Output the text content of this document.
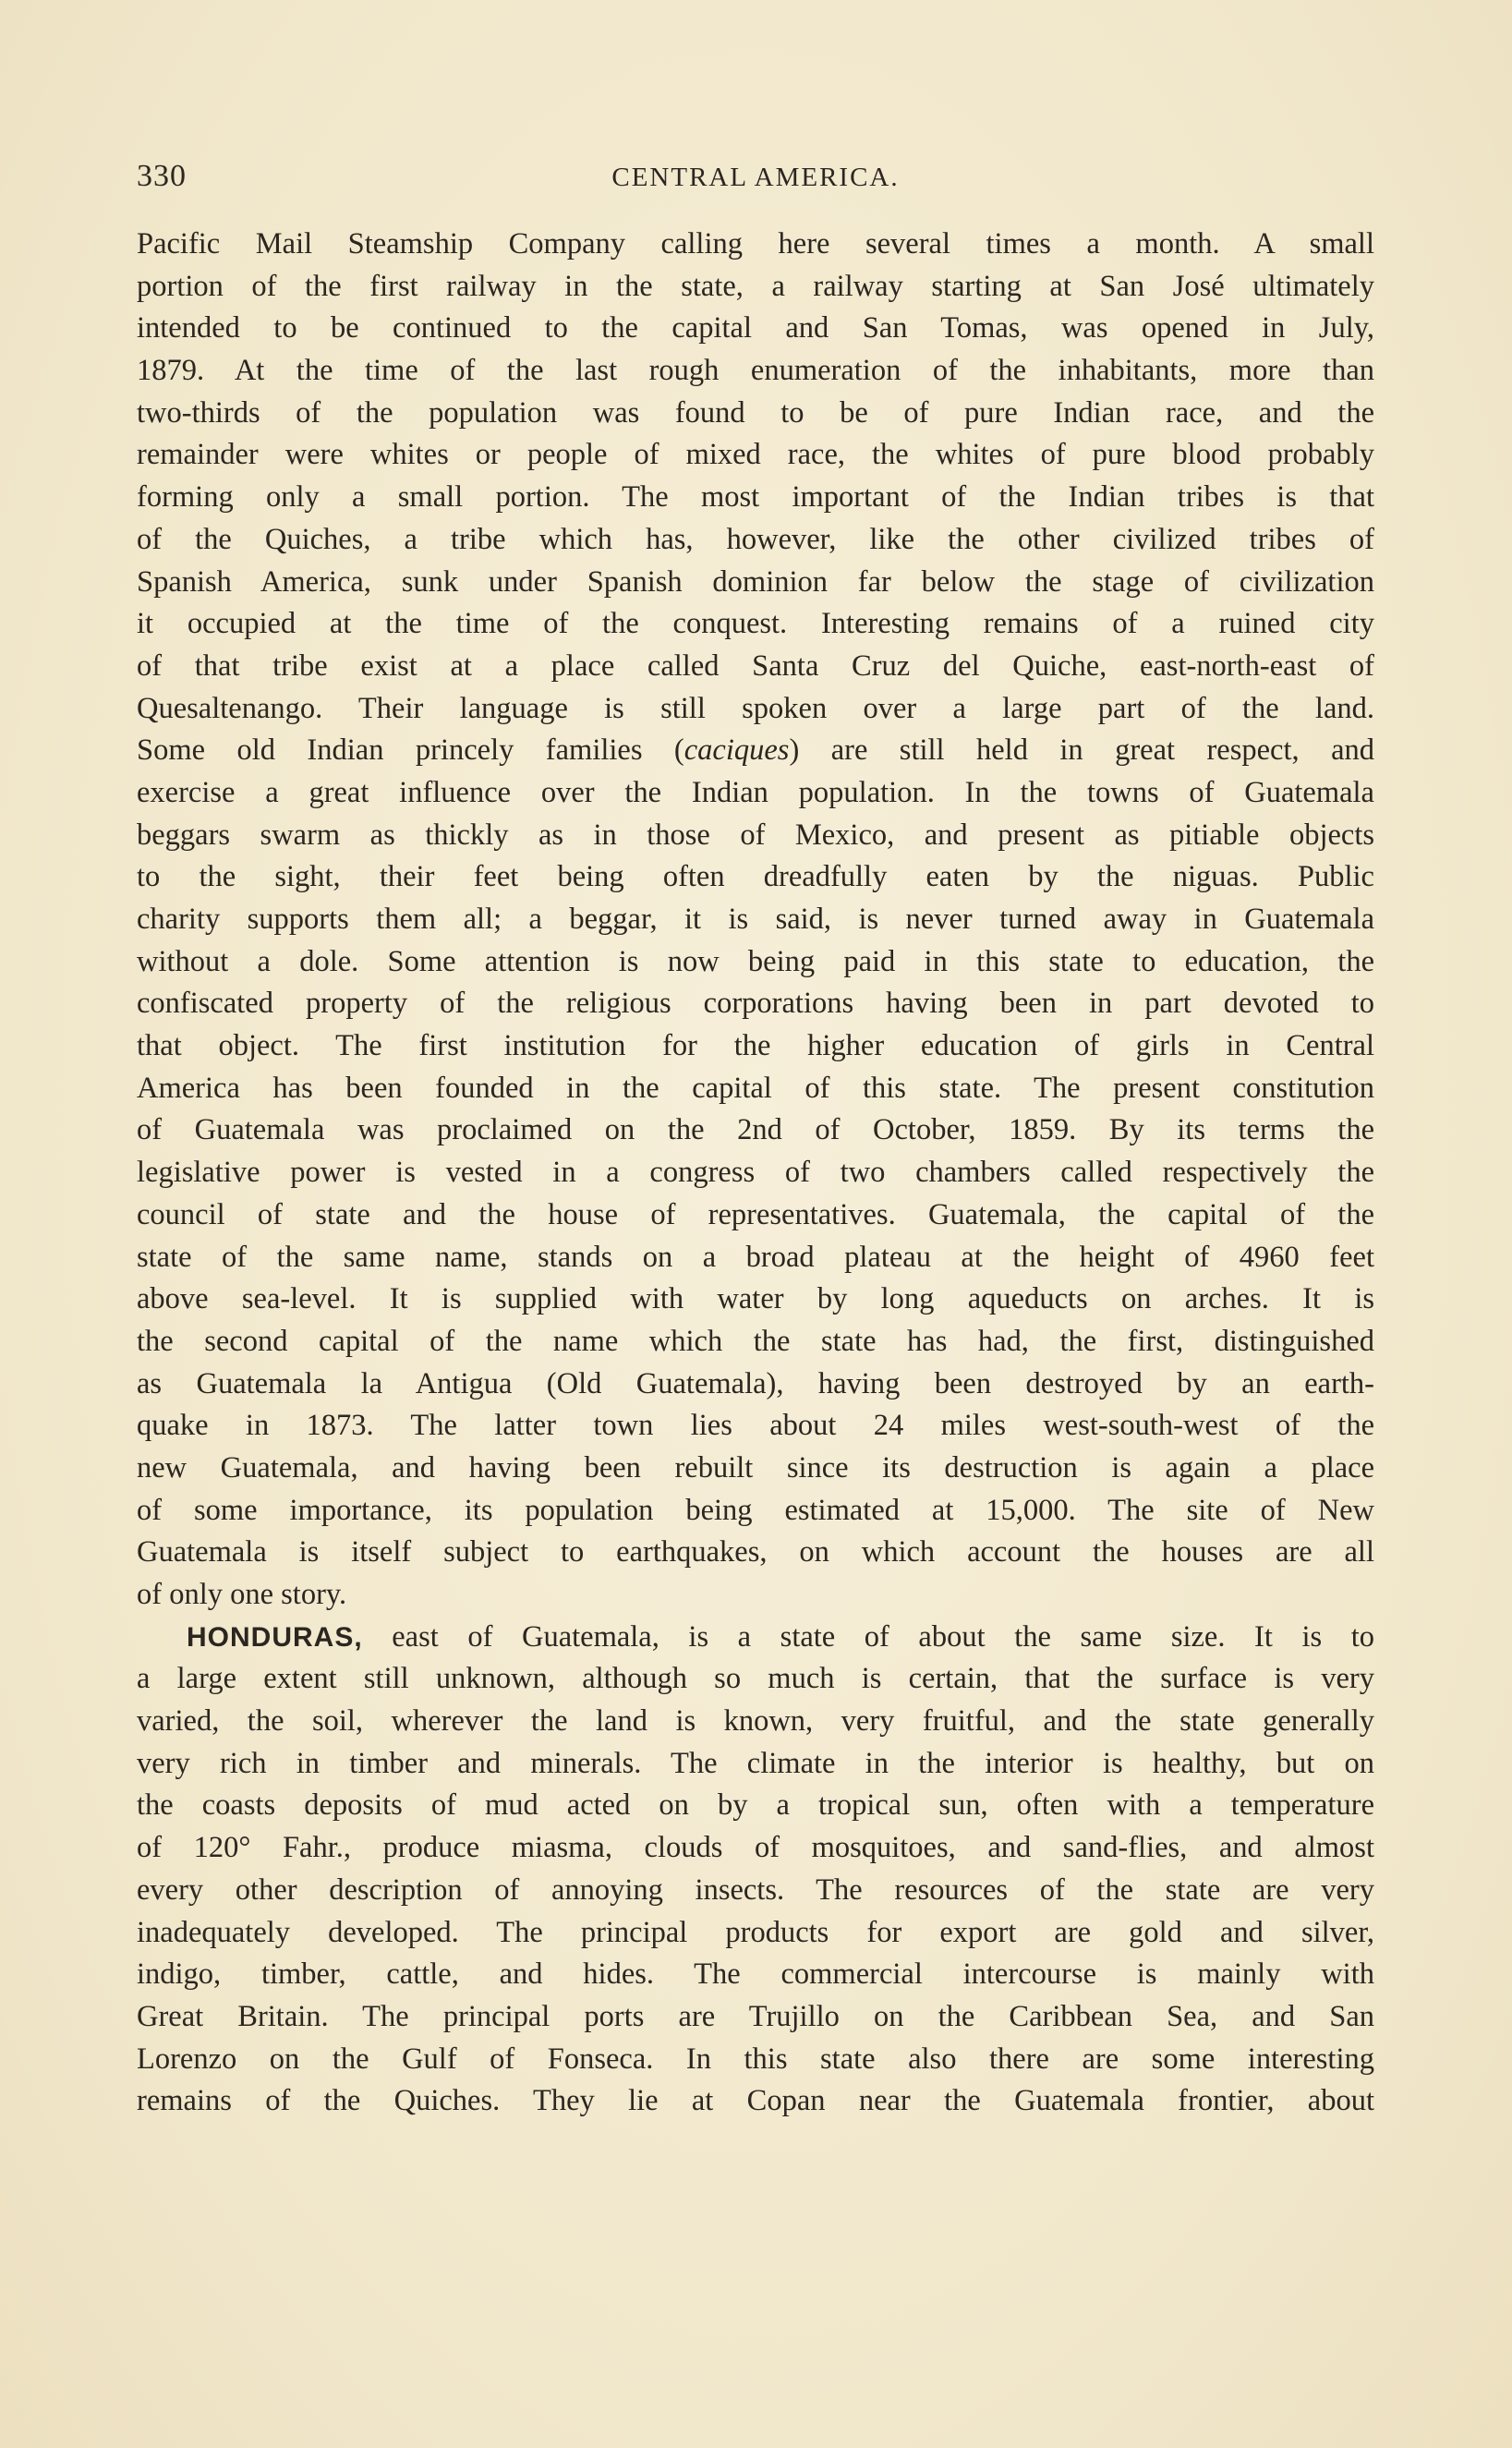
330	CENTRAL AMERICA.
Pacific Mail Steamship Company calling here several times a month. A small
portion of the first railway in the state, a railway starting at San José ultimately
intended to be continued to the capital and San Tomas, was opened in July,
1879. At the time of the last rough enumeration of the inhabitants, more than
two-thirds of the population was found to be of pure Indian race, and the
remainder were whites or people of mixed race, the whites of pure blood probably
forming only a small portion. The most important of the Indian tribes is that
of the Quiches, a tribe which has, however, like the other civilized tribes of
Spanish America, sunk under Spanish dominion far below the stage of civilization
it occupied at the time of the conquest. Interesting remains of a ruined city
of that tribe exist at a place called Santa Cruz del Quiche, east-north-east of
Quesaltenango. Their language is still spoken over a large part of the land.
Some old Indian princely families (caciques) are still held in great respect, and
exercise a great influence over the Indian population. In the towns of Guatemala
beggars swarm as thickly as in those of Mexico, and present as pitiable objects
to the sight, their feet being often dreadfully eaten by the niguas. Public
charity supports them all; a beggar, it is said, is never turned away in Guatemala
without a dole. Some attention is now being paid in this state to education, the
confiscated property of the religious corporations having been in part devoted to
that object. The first institution for the higher education of girls in Central
America has been founded in the capital of this state. The present constitution
of Guatemala was proclaimed on the 2nd of October, 1859. By its terms the
legislative power is vested in a congress of two chambers called respectively the
council of state and the house of representatives. Guatemala, the capital of the
state of the same name, stands on a broad plateau at the height of 4960 feet
above sea-level. It is supplied with water by long aqueducts on arches. It is
the second capital of the name which the state has had, the first, distinguished
as Guatemala la Antigua (Old Guatemala), having been destroyed by an earth-
quake in 1873. The latter town lies about 24 miles west-south-west of the
new Guatemala, and having been rebuilt since its destruction is again a place
of some importance, its population being estimated at 15,000. The site of New
Guatemala is itself subject to earthquakes, on which account the houses are all
of only one story.
HONDURAS, east of Guatemala, is a state of about the same size. It is to
a large extent still unknown, although so much is certain, that the surface is very
varied, the soil, wherever the land is known, very fruitful, and the state generally
very rich in timber and minerals. The climate in the interior is healthy, but on
the coasts deposits of mud acted on by a tropical sun, often with a temperature
of 120° Fahr., produce miasma, clouds of mosquitoes, and sand-flies, and almost
every other description of annoying insects. The resources of the state are very
inadequately developed. The principal products for export are gold and silver,
indigo, timber, cattle, and hides. The commercial intercourse is mainly with
Great Britain. The principal ports are Trujillo on the Caribbean Sea, and San
Lorenzo on the Gulf of Fonseca. In this state also there are some interesting
remains of the Quiches. They lie at Copan near the Guatemala frontier, about
